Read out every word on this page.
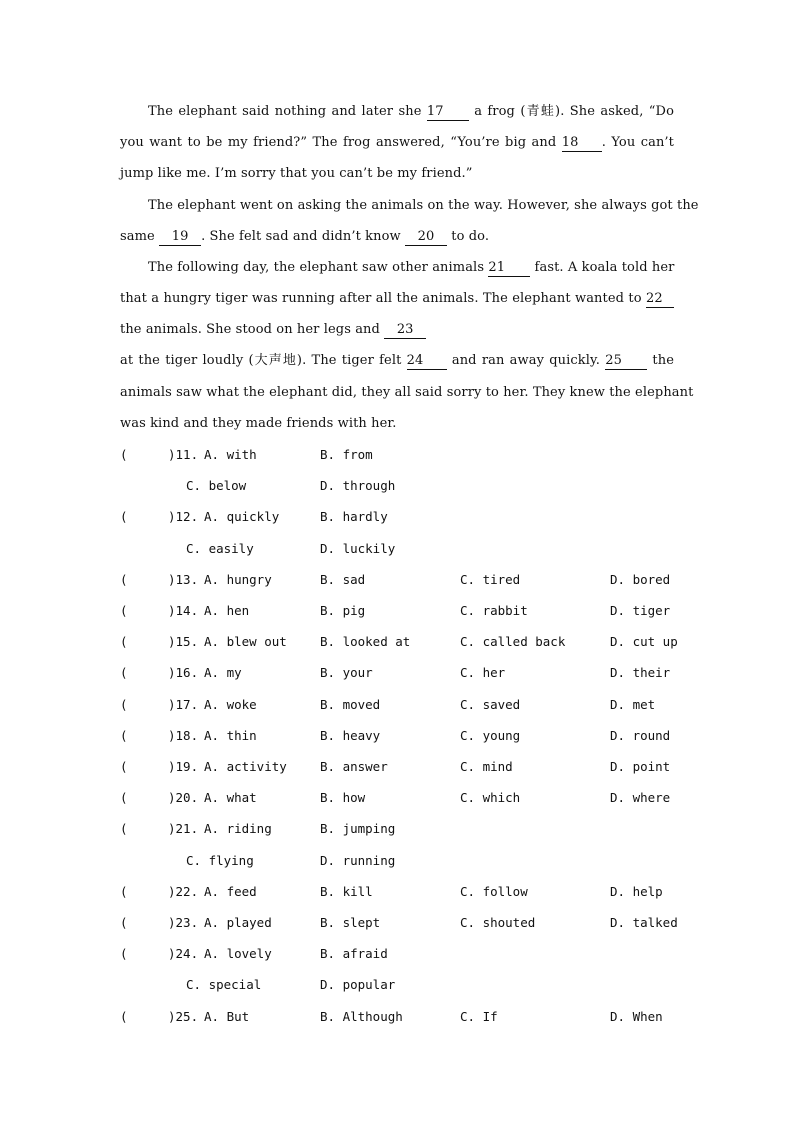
The elephant said nothing and later she 17 a frog (青蛙). She asked, “Do
you want to be my friend?” The frog answered, “You’re big and 18 . You can’t
jump like me. I’m sorry that you can’t be my friend.”
The elephant went on asking the animals on the way. However, she always got the
same 19 . She felt sad and didn’t know 20 to do.
The following day, the elephant saw other animals 21 fast. A koala told her
that a hungry tiger was running after all the animals. The elephant wanted to 22
the animals. She stood on her legs and 23
at the tiger loudly (大声地). The tiger felt 24 and ran away quickly. 25 the
animals saw what the elephant did, they all said sorry to her. They knew the elephant
was kind and they made friends with her.
(	)11. A. with	B. from
C. below	D. through
(	)12. A. quickly	B. hardly
C. easily	D. luckily
(	)13. A. hungry	B. sad	C. tired	D. bored
(	)14. A. hen	B. pig	C. rabbit	D. tiger
(	)15. A. blew out	B. looked at	C. called back	D. cut up
(	)16. A. my	B. your	C. her	D. their
(	)17. A. woke	B. moved	C. saved	D. met
(	)18. A. thin	B. heavy	C. young	D. round
(	)19. A. activity	B. answer	C. mind	D. point
(	)20. A. what	B. how	C. which	D. where
(	)21. A. riding	B. jumping
C. flying	D. running
(	)22. A. feed	B. kill	C. follow	D. help
(	)23. A. played	B. slept	C. shouted	D. talked
(	)24. A. lovely	B. afraid
C. special	D. popular
(	)25. A. But	B. Although	C. If	D. When
